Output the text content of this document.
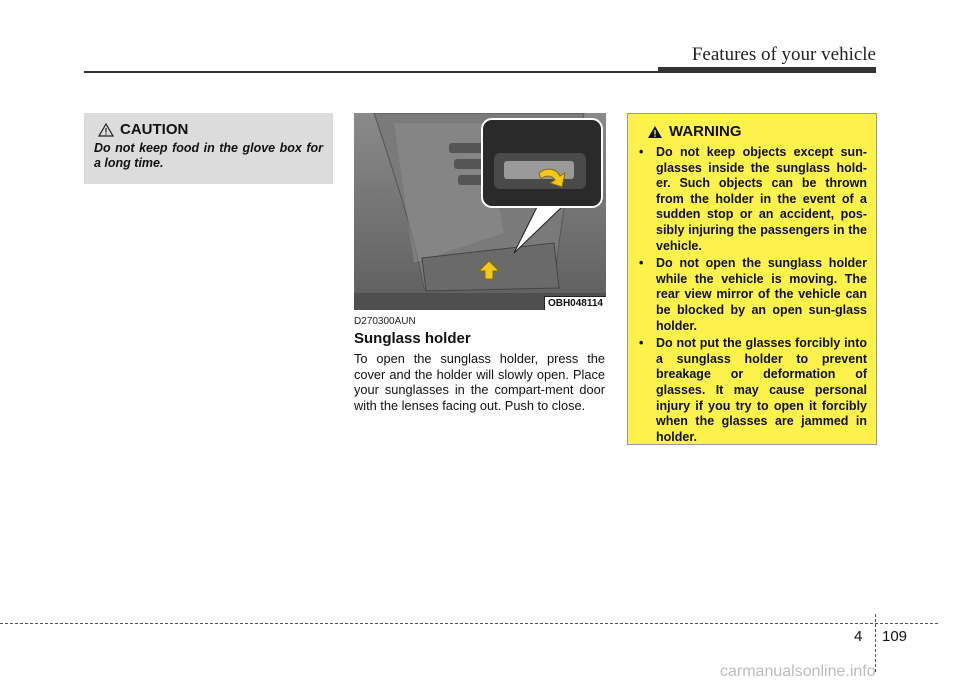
Features of your vehicle
CAUTION
Do not keep food in the glove box for a long time.
OBH048114
D270300AUN
Sunglass holder
To open the sunglass holder, press the cover and the holder will slowly open. Place your sunglasses in the compart-ment door with the lenses facing out. Push to close.
WARNING
• Do not keep objects except sun-glasses inside the sunglass hold-er. Such objects can be thrown from the holder in the event of a sudden stop or an accident, pos-sibly injuring the passengers in the vehicle.
• Do not open the sunglass holder while the vehicle is moving. The rear view mirror of the vehicle can be blocked by an open sun-glass holder.
• Do not put the glasses forcibly into a sunglass holder to prevent breakage or deformation of glasses. It may cause personal injury if you try to open it forcibly when the glasses are jammed in holder.
4 109
carmanualsonline.info
